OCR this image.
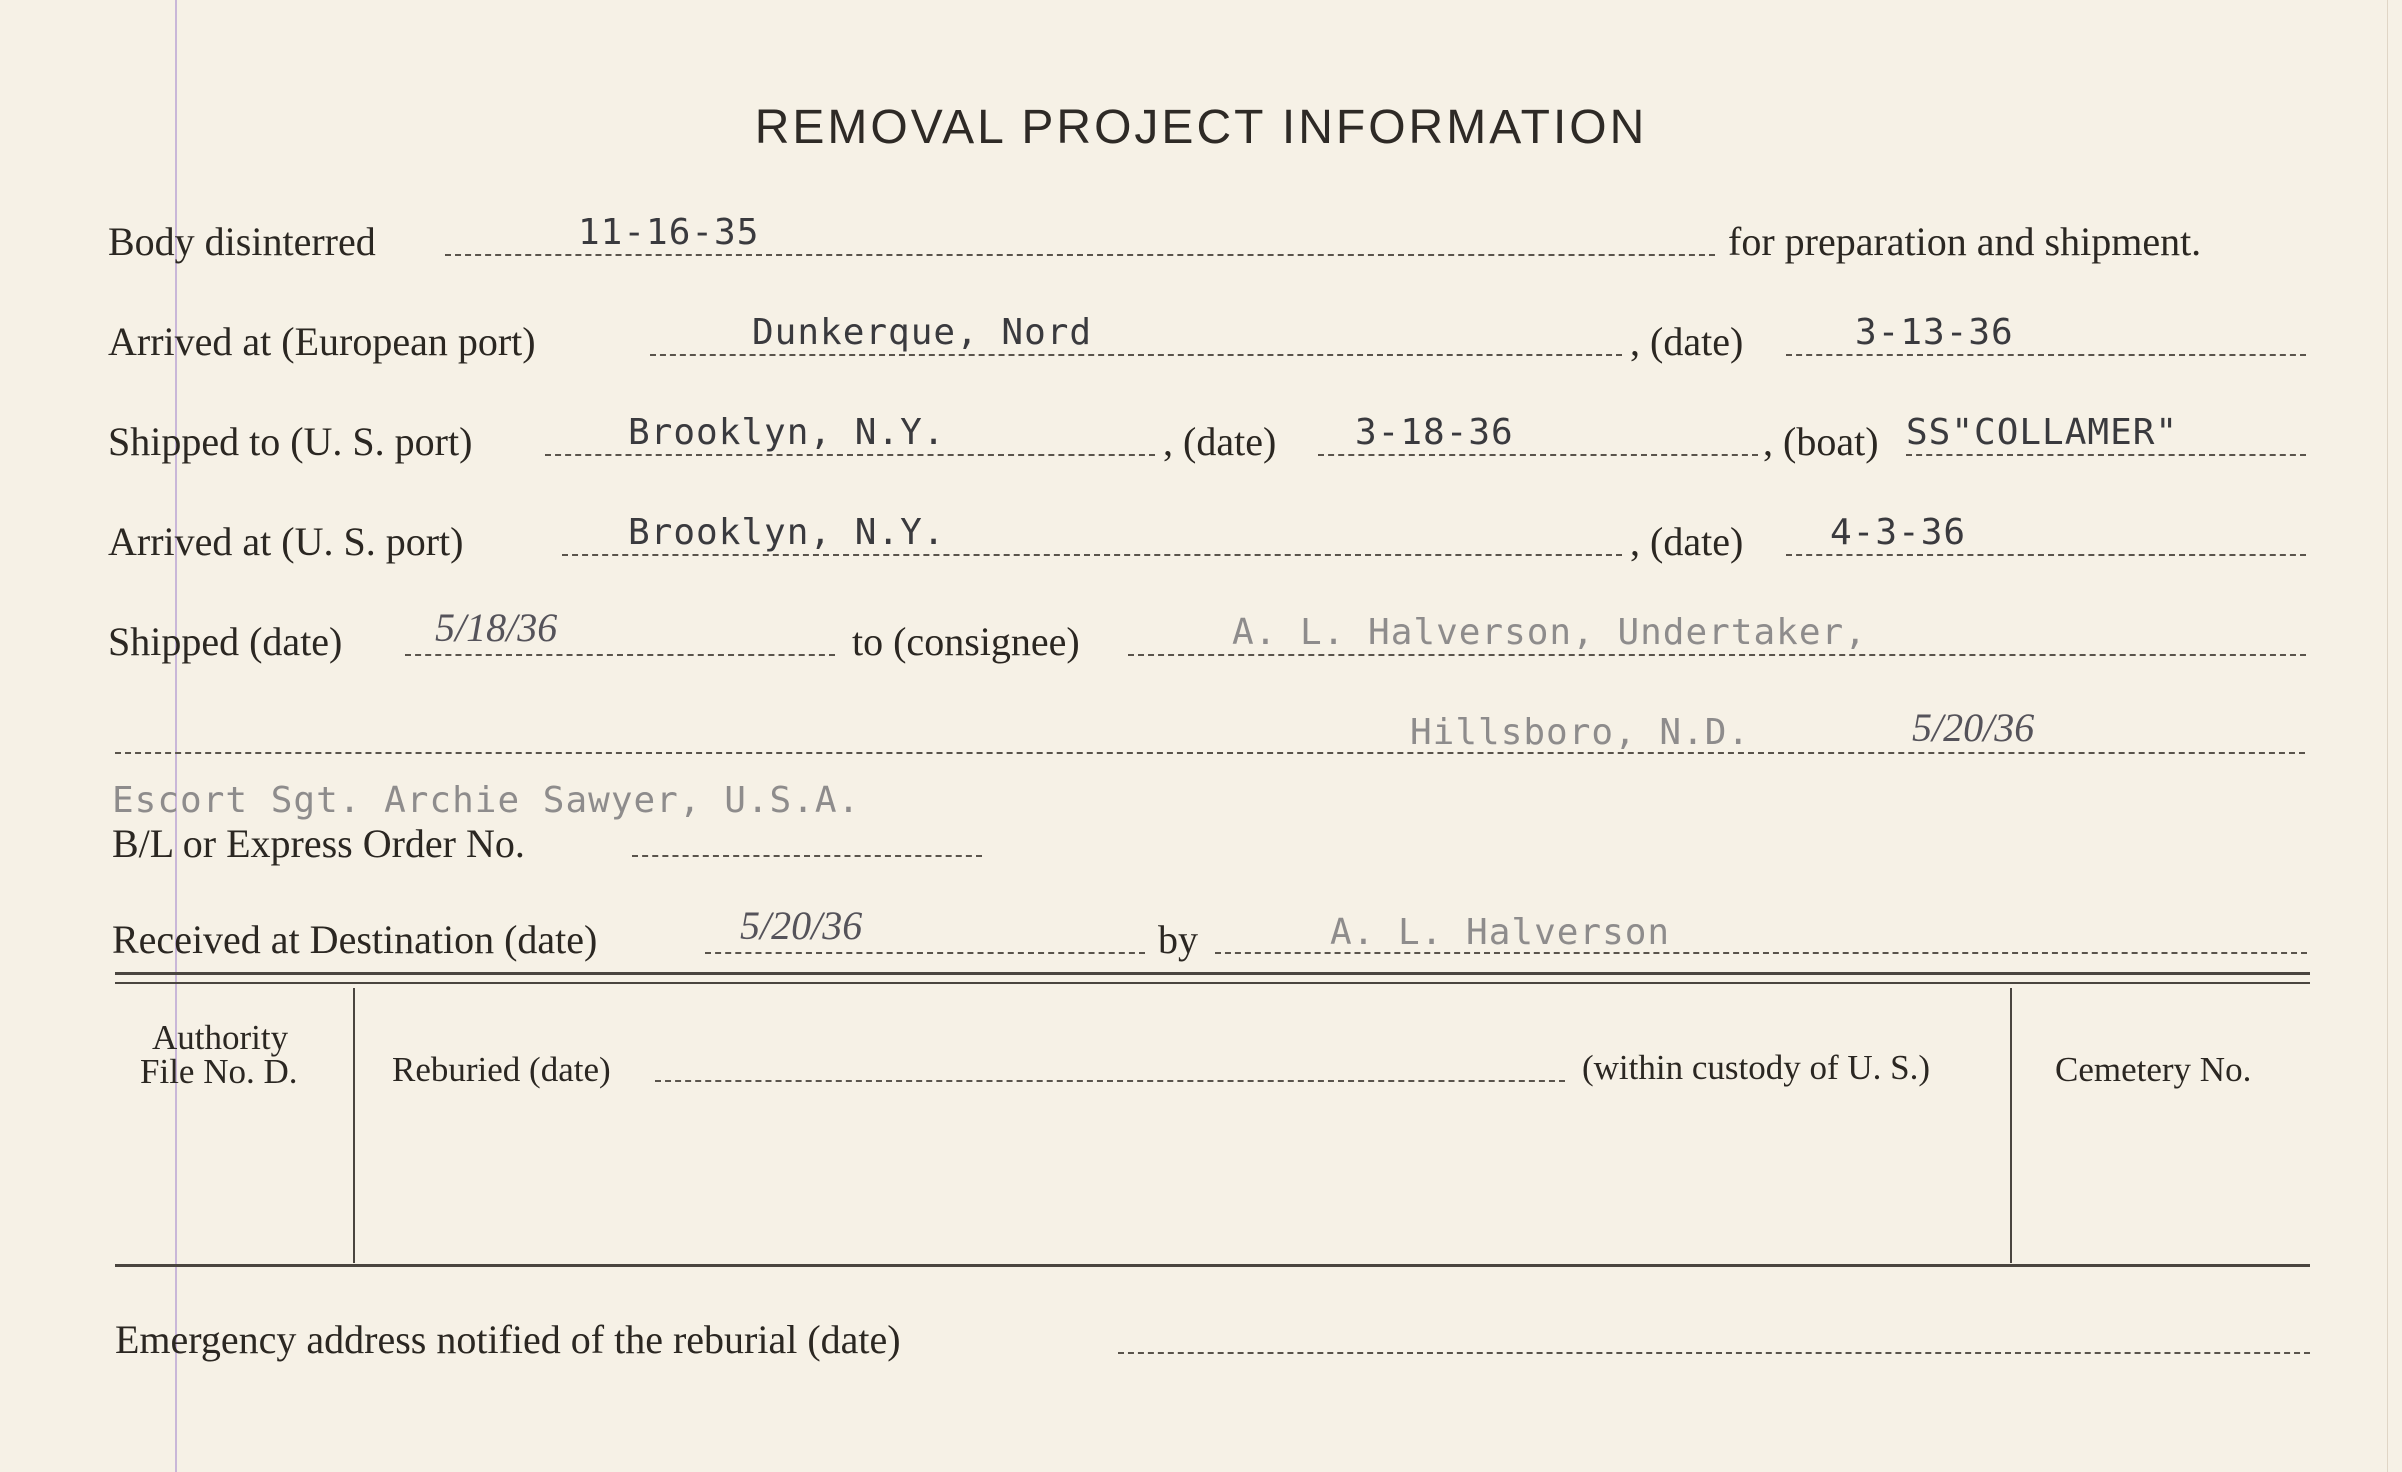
REMOVAL PROJECT INFORMATION
Body disinterred	11-16-35	for preparation and shipment.
Arrived at (European port)	Dunkerque, Nord	, (date)	3-13-36
Shipped to (U. S. port)	Brooklyn, N.Y.	, (date) 3-18-36	, (boat) SS"COLLAMER"
Arrived at (U. S. port)	Brooklyn, N.Y.	, (date) 4-3-36
Shipped (date) 5/18/36	to (consignee)	A. L. Halverson, Undertaker,
Hillsboro, N.D.	5/20/36
Escort Sgt. Archie Sawyer, U.S.A.
B/L or Express Order No.
Received at Destination (date)	5/20/36	by	A. L. Halverson
Authority
File No. D.	Reburied (date)	(within custody of U. S.)	Cemetery No.
Emergency address notified of the reburial (date)
